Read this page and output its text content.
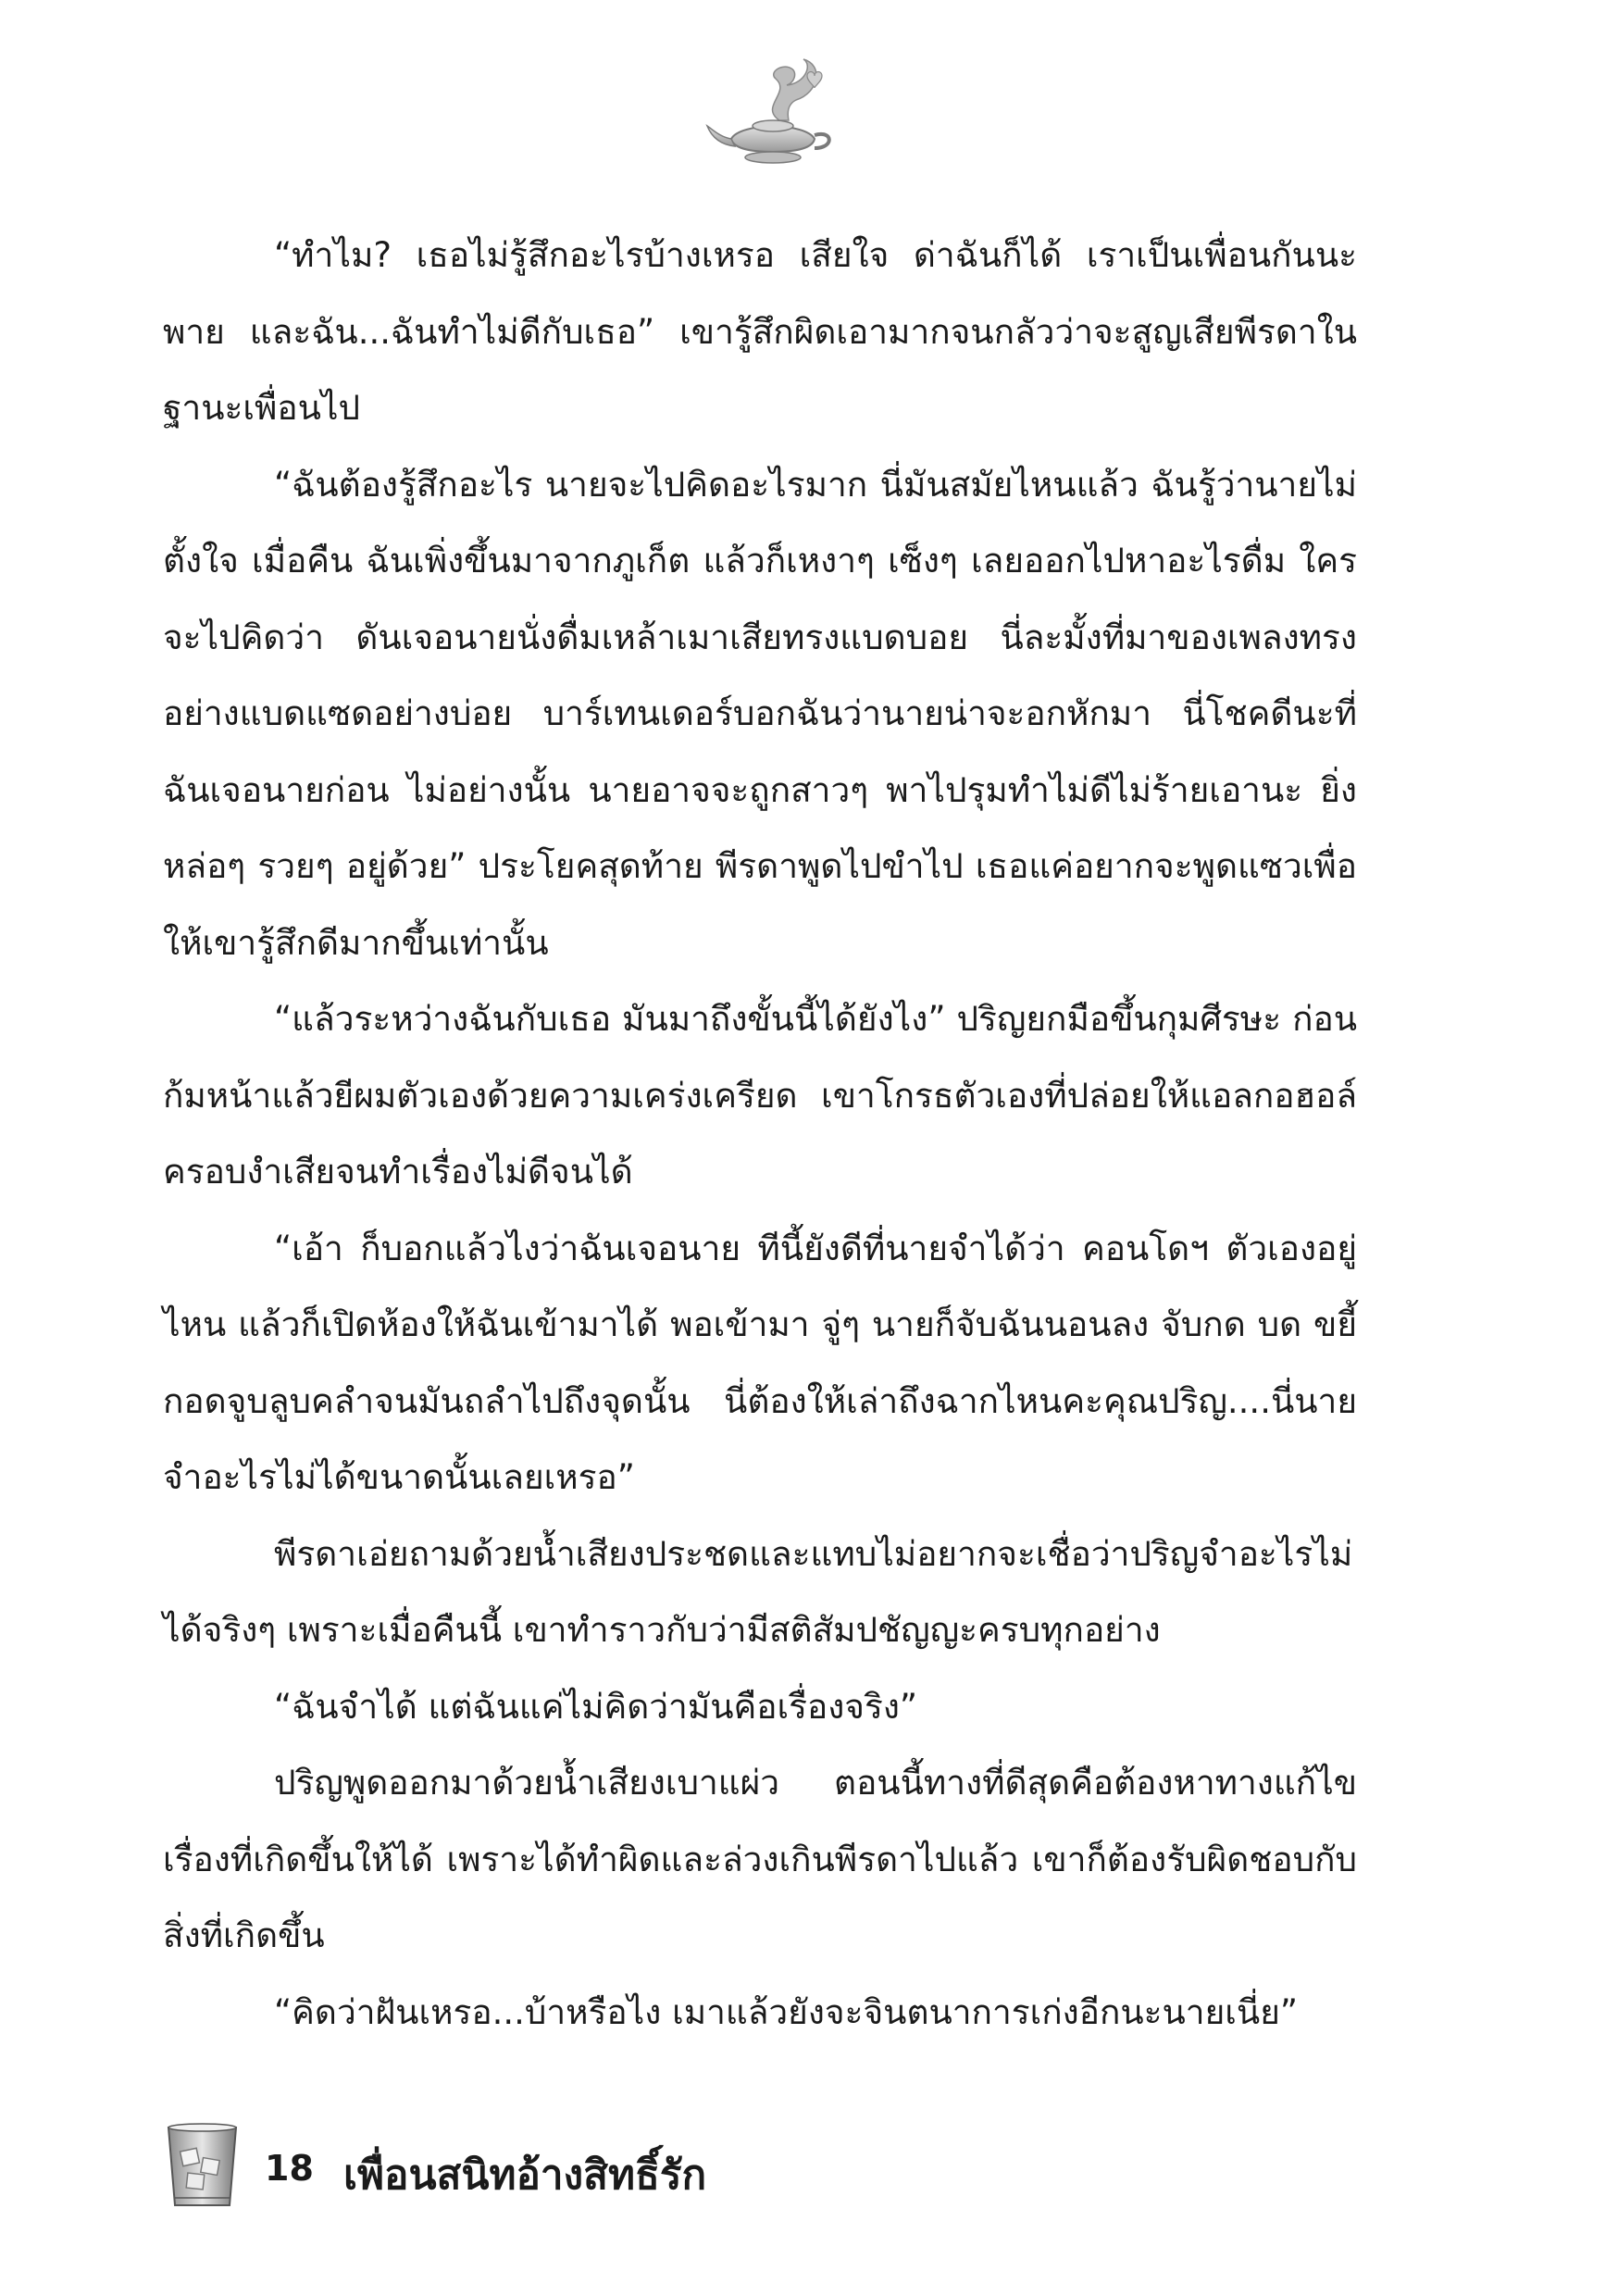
“ทำไม? เธอไม่รู้สึกอะไรบ้างเหรอ เสียใจ ด่าฉันก็ได้ เราเป็นเพื่อนกันนะพาย และฉัน...ฉันทำไม่ดีกับเธอ” เขารู้สึกผิดเอามากจนกลัวว่าจะสูญเสียพีรดาในฐานะเพื่อนไป

“ฉันต้องรู้สึกอะไร นายจะไปคิดอะไรมาก นี่มันสมัยไหนแล้ว ฉันรู้ว่านายไม่ตั้งใจ เมื่อคืน ฉันเพิ่งขึ้นมาจากภูเก็ต แล้วก็เหงาๆ เซ็งๆ เลยออกไปหาอะไรดื่ม ใครจะไปคิดว่า ดันเจอนายนั่งดื่มเหล้าเมาเสียทรงแบดบอย นี่ละมั้งที่มาของเพลงทรงอย่างแบดแซดอย่างบ่อย บาร์เทนเดอร์บอกฉันว่านายน่าจะอกหักมา นี่โชคดีนะที่ฉันเจอนายก่อน ไม่อย่างนั้น นายอาจจะถูกสาวๆ พาไปรุมทำไม่ดีไม่ร้ายเอานะ ยิ่งหล่อๆ รวยๆ อยู่ด้วย” ประโยคสุดท้าย พีรดาพูดไปขำไป เธอแค่อยากจะพูดแซวเพื่อให้เขารู้สึกดีมากขึ้นเท่านั้น

“แล้วระหว่างฉันกับเธอ มันมาถึงขั้นนี้ได้ยังไง” ปริญยกมือขึ้นกุมศีรษะ ก่อนก้มหน้าแล้วยีผมตัวเองด้วยความเคร่งเครียด เขาโกรธตัวเองที่ปล่อยให้แอลกอฮอล์ครอบงำเสียจนทำเรื่องไม่ดีจนได้

“เอ้า ก็บอกแล้วไงว่าฉันเจอนาย ทีนี้ยังดีที่นายจำได้ว่า คอนโดฯ ตัวเองอยู่ไหน แล้วก็เปิดห้องให้ฉันเข้ามาได้ พอเข้ามา จู่ๆ นายก็จับฉันนอนลง จับกด บด ขยี้ กอดจูบลูบคลำจนมันถลำไปถึงจุดนั้น นี่ต้องให้เล่าถึงฉากไหนคะคุณปริญ....นี่นายจำอะไรไม่ได้ขนาดนั้นเลยเหรอ”

พีรดาเอ่ยถามด้วยน้ำเสียงประชดและแทบไม่อยากจะเชื่อว่าปริญจำอะไรไม่ได้จริงๆ เพราะเมื่อคืนนี้ เขาทำราวกับว่ามีสติสัมปชัญญะครบทุกอย่าง

“ฉันจำได้ แต่ฉันแค่ไม่คิดว่ามันคือเรื่องจริง”

ปริญพูดออกมาด้วยน้ำเสียงเบาแผ่ว ตอนนี้ทางที่ดีสุดคือต้องหาทางแก้ไขเรื่องที่เกิดขึ้นให้ได้ เพราะได้ทำผิดและล่วงเกินพีรดาไปแล้ว เขาก็ต้องรับผิดชอบกับสิ่งที่เกิดขึ้น

“คิดว่าฝันเหรอ...บ้าหรือไง เมาแล้วยังจะจินตนาการเก่งอีกนะนายเนี่ย”

18 เพื่อนสนิทอ้างสิทธิ์รัก
